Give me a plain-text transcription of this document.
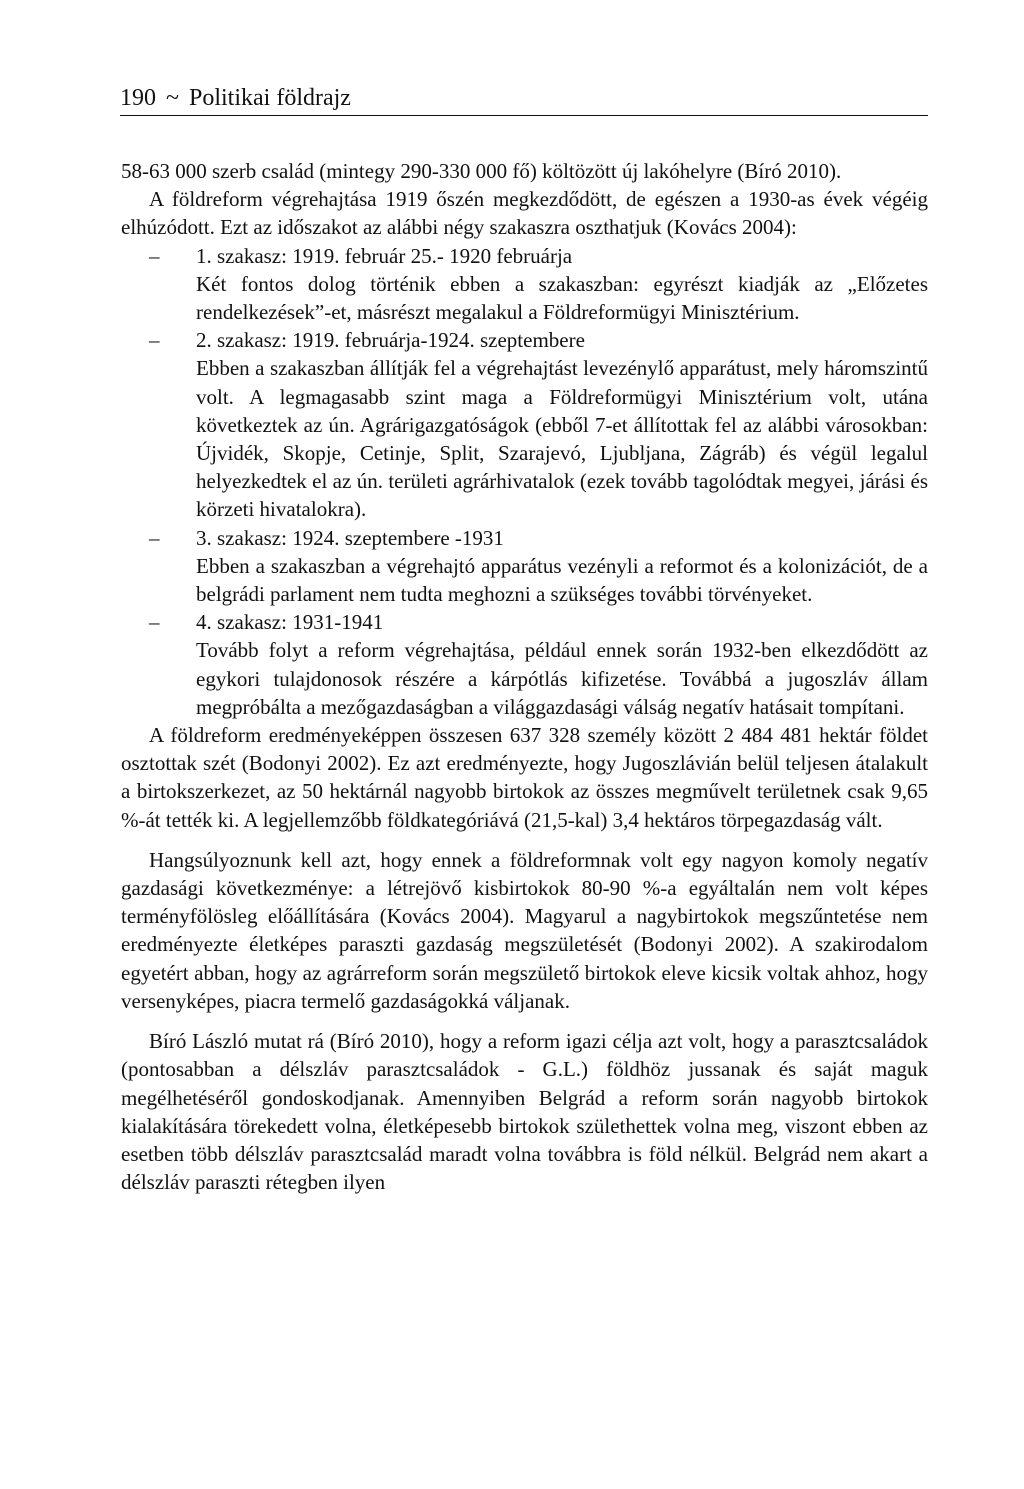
190 ~ Politikai földrajz

58-63 000 szerb család (mintegy 290-330 000 fő) költözött új lakóhelyre (Bíró 2010).

A földreform végrehajtása 1919 őszén megkezdődött, de egészen a 1930-as évek végéig elhúzódott. Ezt az időszakot az alábbi négy szakaszra oszthatjuk (Kovács 2004):

– 1. szakasz: 1919. február 25.- 1920 februárja

Két fontos dolog történik ebben a szakaszban: egyrészt kiadják az „Előzetes rendelkezések”-et, másrészt megalakul a Földreformügyi Minisztérium.

– 2. szakasz: 1919. februárja-1924. szeptembere

Ebben a szakaszban állítják fel a végrehajtást levezénylő apparátust, mely háromszintű volt. A legmagasabb szint maga a Földreformügyi Minisztérium volt, utána következtek az ún. Agrárigazgatóságok (ebből 7-et állítottak fel az alábbi városokban: Újvidék, Skopje, Cetinje, Split, Szarajevó, Ljubljana, Zágráb) és végül legalul helyezkedtek el az ún. területi agrárhivatalok (ezek tovább tagolódtak megyei, járási és körzeti hivatalokra).

– 3. szakasz: 1924. szeptembere -1931

Ebben a szakaszban a végrehajtó apparátus vezényli a reformot és a kolonizációt, de a belgrádi parlament nem tudta meghozni a szükséges további törvényeket.

– 4. szakasz: 1931-1941

Tovább folyt a reform végrehajtása, például ennek során 1932-ben elkezdődött az egykori tulajdonosok részére a kárpótlás kifizetése. Továbbá a jugoszláv állam megpróbálta a mezőgazdaságban a világgazdasági válság negatív hatásait tompítani.

A földreform eredményeképpen összesen 637 328 személy között 2 484 481 hektár földet osztottak szét (Bodonyi 2002). Ez azt eredményezte, hogy Jugoszlávián belül teljesen átalakult a birtokszerkezet, az 50 hektárnál nagyobb birtokok az összes megművelt területnek csak 9,65 %-át tették ki. A legjellemzőbb földkategóriává (21,5-kal) 3,4 hektáros törpegazdaság vált.

Hangsúlyoznunk kell azt, hogy ennek a földreformnak volt egy nagyon komoly negatív gazdasági következménye: a létrejövő kisbirtokok 80-90 %-a egyáltalán nem volt képes terményfölösleg előállítására (Kovács 2004). Magyarul a nagybirtokok megszűntetése nem eredményezte életképes paraszti gazdaság megszületését (Bodonyi 2002). A szakirodalom egyetért abban, hogy az agrárreform során megszülető birtokok eleve kicsik voltak ahhoz, hogy versenyképes, piacra termelő gazdaságokká váljanak.

Bíró László mutat rá (Bíró 2010), hogy a reform igazi célja azt volt, hogy a parasztcsaládok (pontosabban a délszláv parasztcsaládok - G.L.) földhöz jussanak és saját maguk megélhetéséről gondoskodjanak. Amennyiben Belgrád a reform során nagyobb birtokok kialakítására törekedett volna, életképesebb birtokok születhettek volna meg, viszont ebben az esetben több délszláv parasztcsalád maradt volna továbbra is föld nélkül. Belgrád nem akart a délszláv paraszti rétegben ilyen
